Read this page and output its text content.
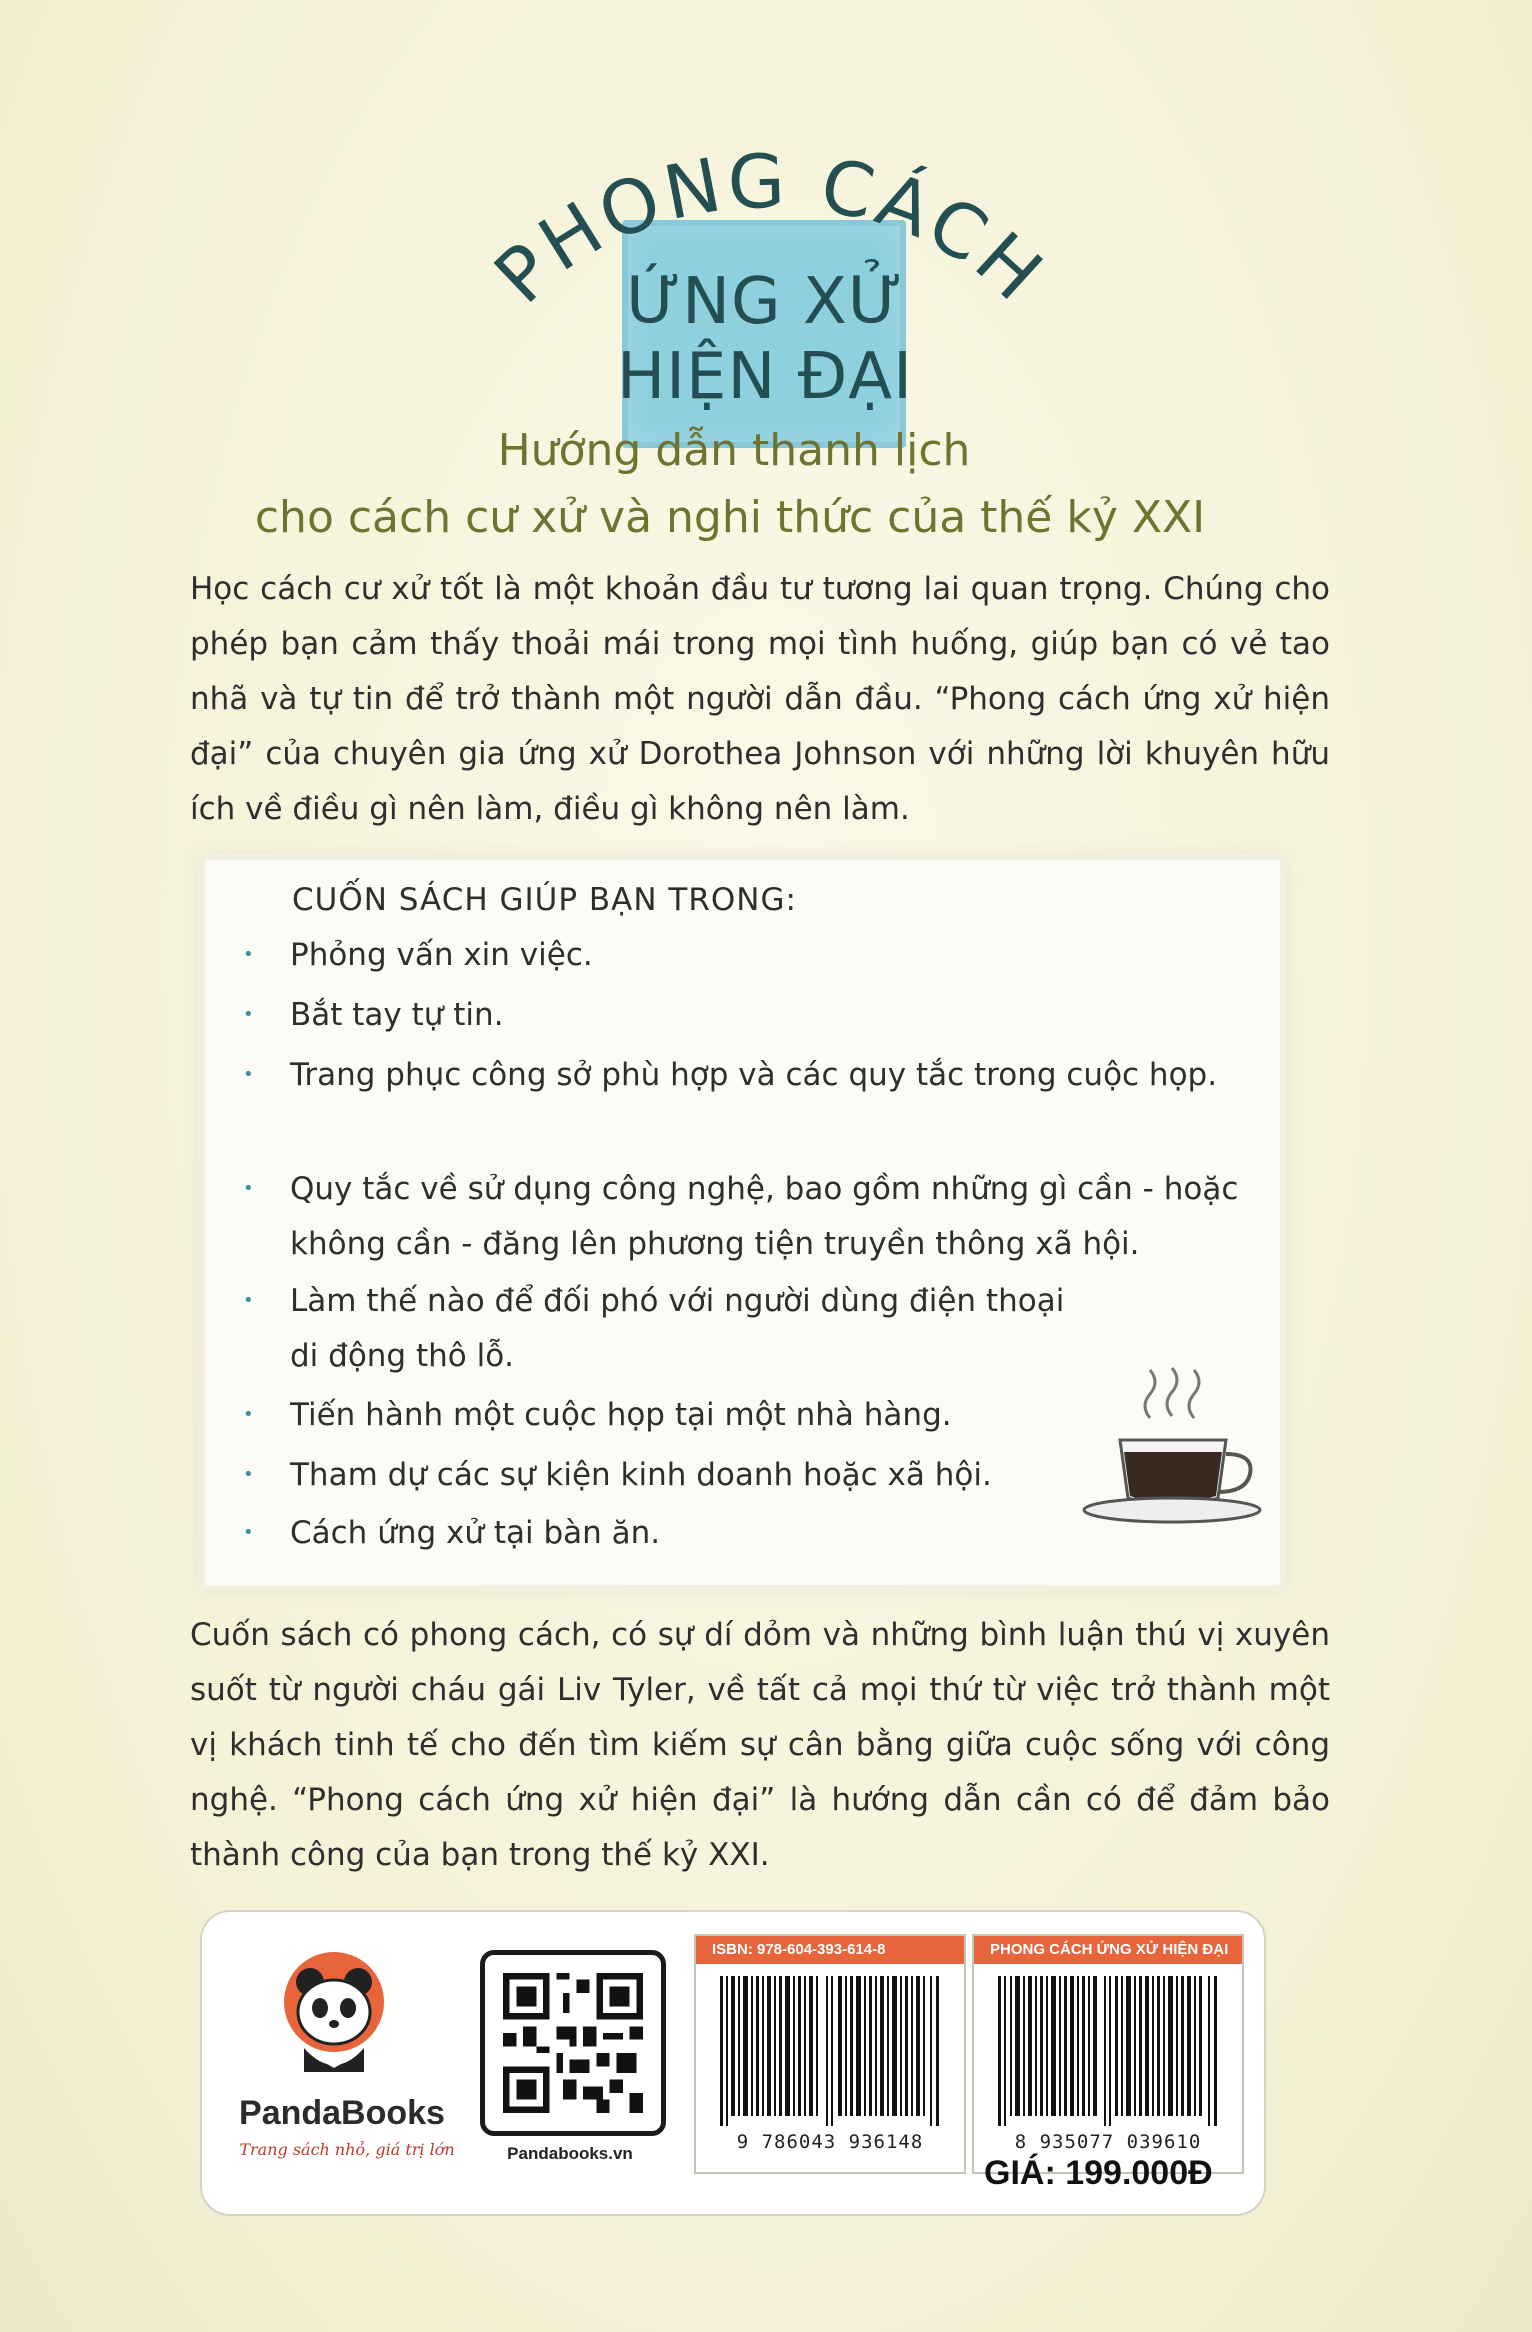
PHONG CÁCH
ỨNG XỬ
HIỆN ĐẠI
Hướng dẫn thanh lịch
cho cách cư xử và nghi thức của thế kỷ XXI
Học cách cư xử tốt là một khoản đầu tư tương lai quan trọng. Chúng cho phép bạn cảm thấy thoải mái trong mọi tình huống, giúp bạn có vẻ tao nhã và tự tin để trở thành một người dẫn đầu. “Phong cách ứng xử hiện đại” của chuyên gia ứng xử Dorothea Johnson với những lời khuyên hữu ích về điều gì nên làm, điều gì không nên làm.
CUỐN SÁCH GIÚP BẠN TRONG:
• Phỏng vấn xin việc.
• Bắt tay tự tin.
• Trang phục công sở phù hợp và các quy tắc trong cuộc họp.
• Quy tắc về sử dụng công nghệ, bao gồm những gì cần - hoặc không cần - đăng lên phương tiện truyền thông xã hội.
• Làm thế nào để đối phó với người dùng điện thoại di động thô lỗ.
• Tiến hành một cuộc họp tại một nhà hàng.
• Tham dự các sự kiện kinh doanh hoặc xã hội.
• Cách ứng xử tại bàn ăn.
Cuốn sách có phong cách, có sự dí dỏm và những bình luận thú vị xuyên suốt từ người cháu gái Liv Tyler, về tất cả mọi thứ từ việc trở thành một vị khách tinh tế cho đến tìm kiếm sự cân bằng giữa cuộc sống với công nghệ. “Phong cách ứng xử hiện đại” là hướng dẫn cần có để đảm bảo thành công của bạn trong thế kỷ XXI.
PandaBooks
Trang sách nhỏ, giá trị lớn	Pandabooks.vn
ISBN: 978-604-393-614-8
9 786043 936148
PHONG CÁCH ỨNG XỬ HIỆN ĐẠI
8 935077 039610
GIÁ: 199.000Đ
